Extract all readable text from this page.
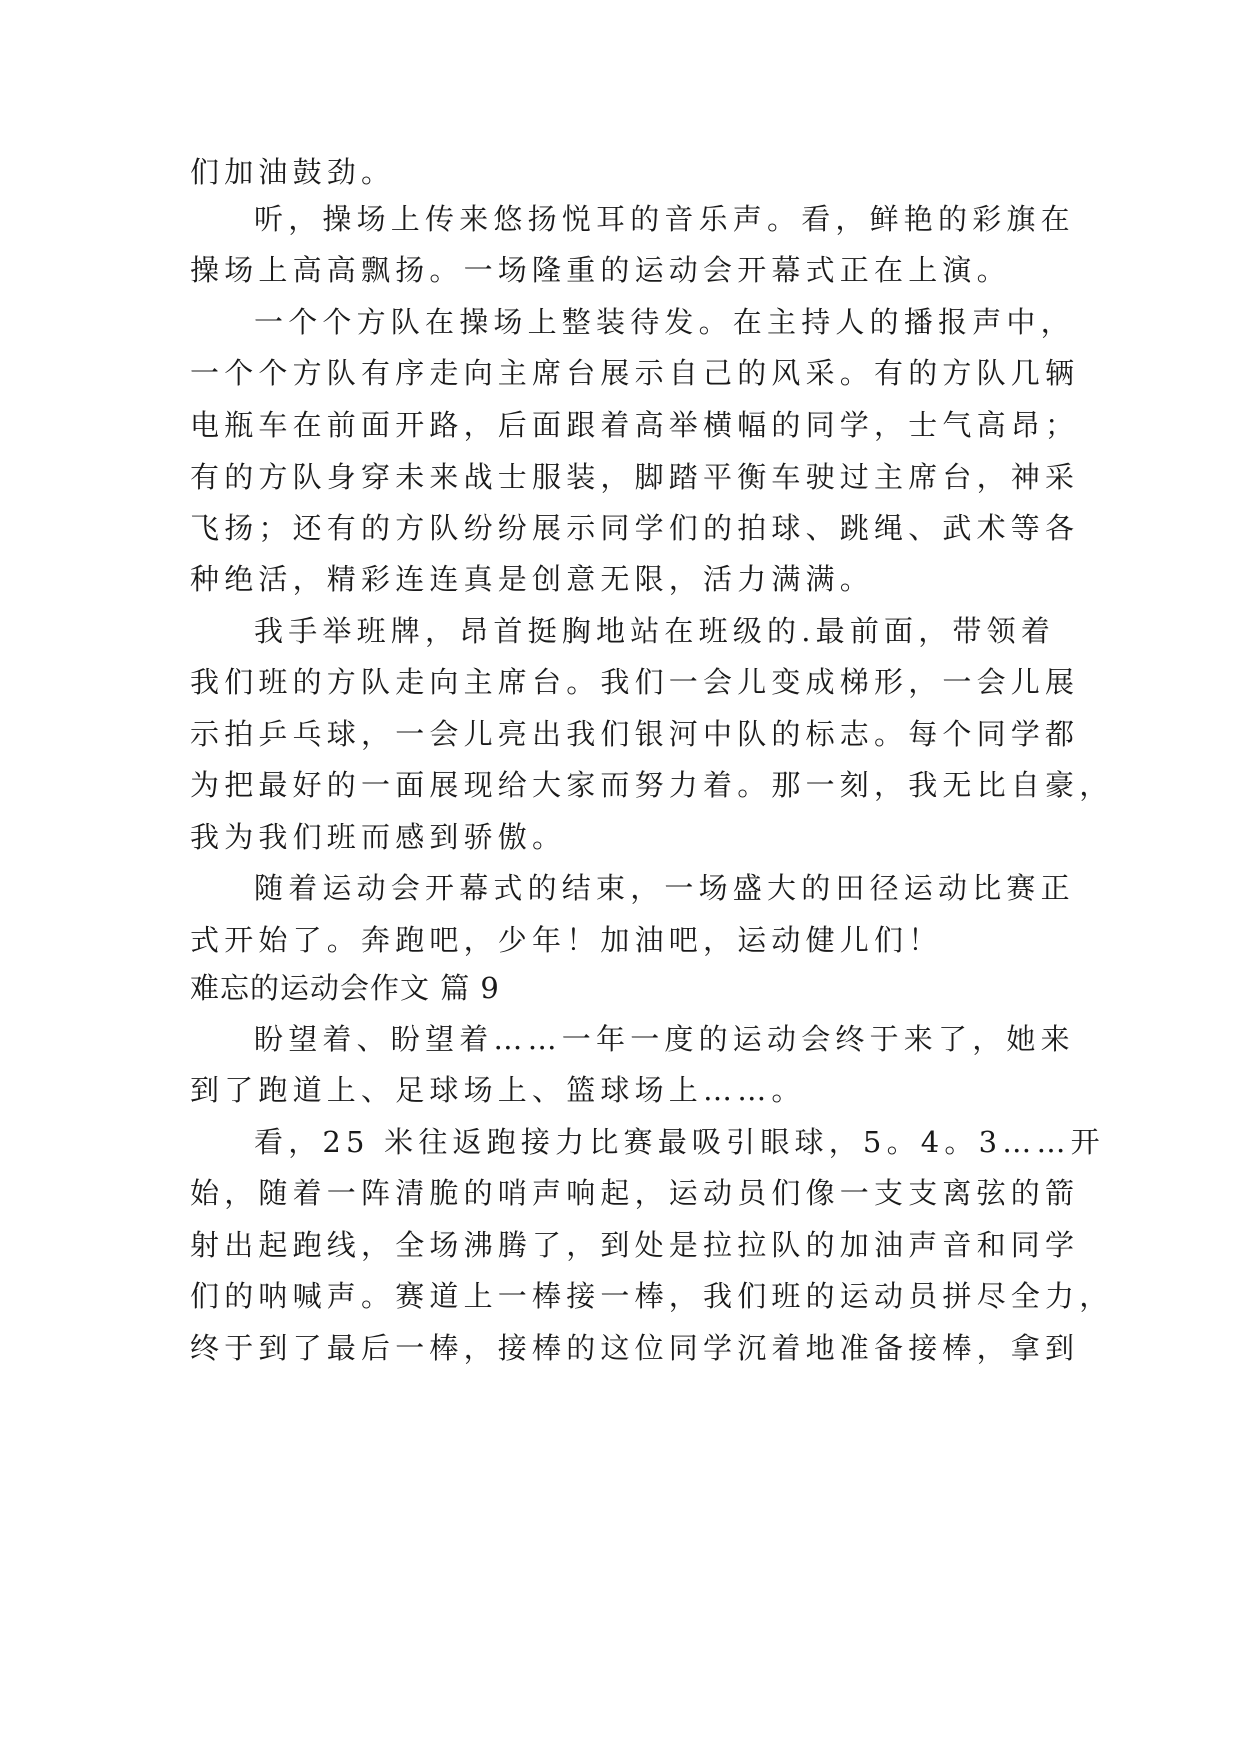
们加油鼓劲。
听，操场上传来悠扬悦耳的音乐声。看，鲜艳的彩旗在
操场上高高飘扬。一场隆重的运动会开幕式正在上演。
一个个方队在操场上整装待发。在主持人的播报声中，
一个个方队有序走向主席台展示自己的风采。有的方队几辆
电瓶车在前面开路，后面跟着高举横幅的同学，士气高昂；
有的方队身穿未来战士服装，脚踏平衡车驶过主席台，神采
飞扬；还有的方队纷纷展示同学们的拍球、跳绳、武术等各
种绝活，精彩连连真是创意无限，活力满满。
我手举班牌，昂首挺胸地站在班级的.最前面，带领着
我们班的方队走向主席台。我们一会儿变成梯形，一会儿展
示拍乒乓球，一会儿亮出我们银河中队的标志。每个同学都
为把最好的一面展现给大家而努力着。那一刻，我无比自豪，
我为我们班而感到骄傲。
随着运动会开幕式的结束，一场盛大的田径运动比赛正
式开始了。奔跑吧，少年！加油吧，运动健儿们！
难忘的运动会作文 篇 9
盼望着、盼望着……一年一度的运动会终于来了，她来
到了跑道上、足球场上、篮球场上……。
看，25 米往返跑接力比赛最吸引眼球，5。4。3……开
始，随着一阵清脆的哨声响起，运动员们像一支支离弦的箭
射出起跑线，全场沸腾了，到处是拉拉队的加油声音和同学
们的呐喊声。赛道上一棒接一棒，我们班的运动员拼尽全力，
终于到了最后一棒，接棒的这位同学沉着地准备接棒，拿到
